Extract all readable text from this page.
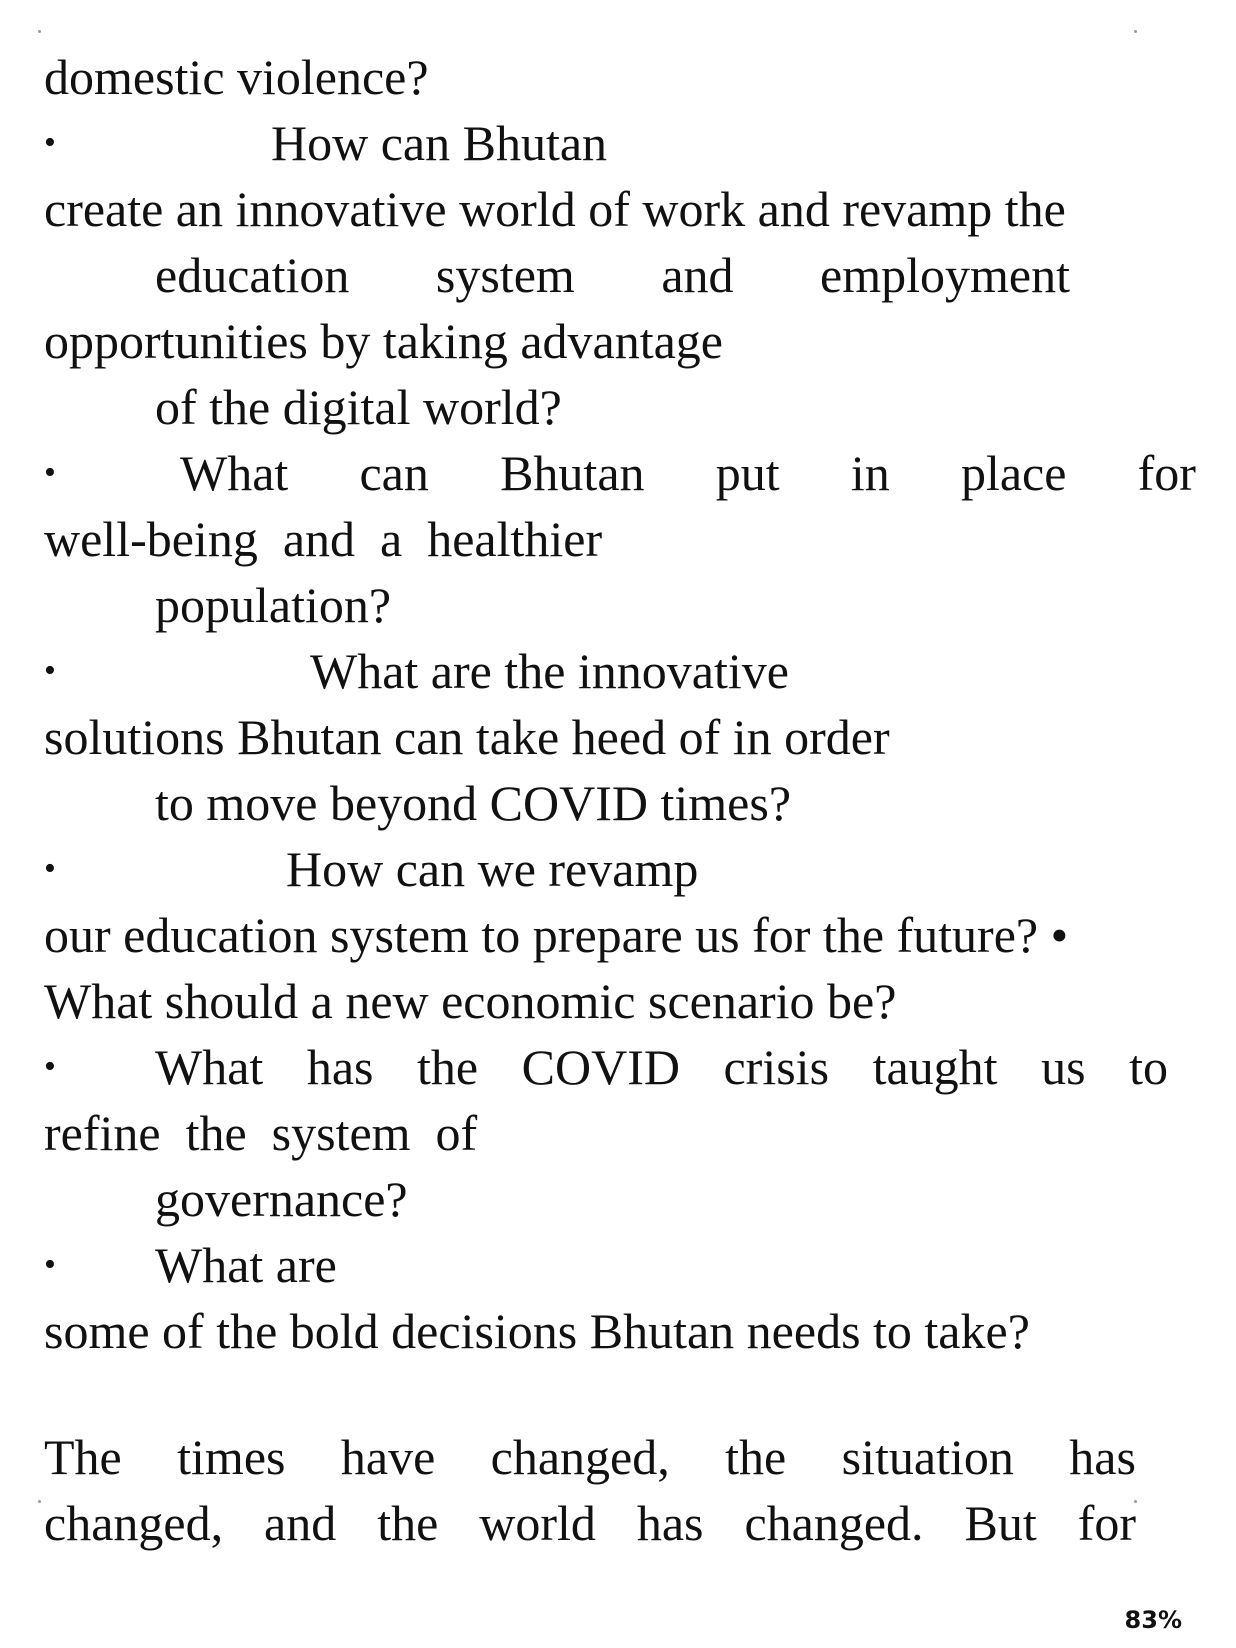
domestic violence?
•	How can Bhutan
create an innovative world of work and revamp the
education system and employment
opportunities by taking advantage
of the digital world?
• What can Bhutan put in place for
well-being  and  a  healthier
population?
•	What are the innovative
solutions Bhutan can take heed of in order
to move beyond COVID times?
•	How can we revamp
our education system to prepare us for the future? •
What should a new economic scenario be?
• What has the COVID crisis taught us to
refine  the  system  of
governance?
• What are
some of the bold decisions Bhutan needs to take?
The times have changed, the situation has
changed, and the world has changed. But for
83%
